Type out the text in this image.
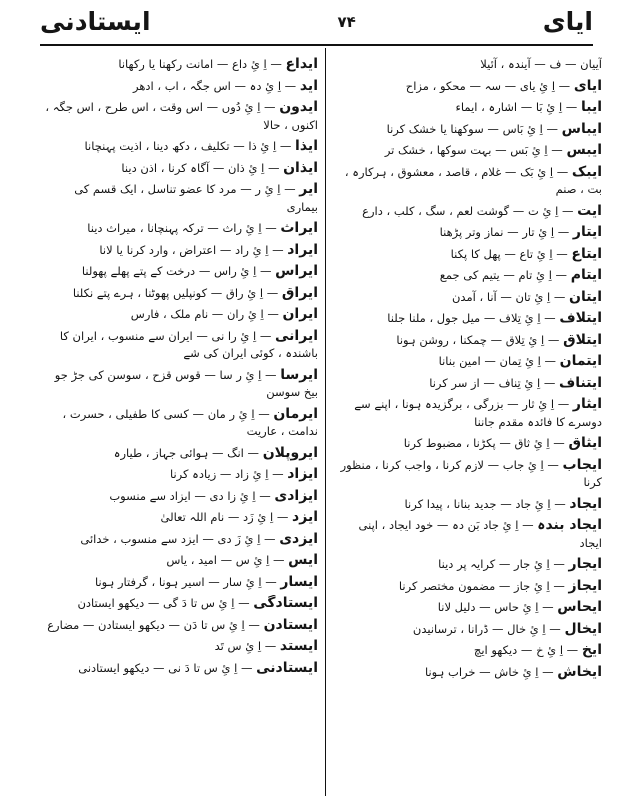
ایای
۷۴
ایستادنی
آییان — ف — آیندہ ، آئیلا
ایای — اِ ئِ یای — سہ — محکو ، مزاح
ایبا — اِ ئِ بَا — اشارہ ، ایماء
ایباس — اِ ئِ بَاس — سوکھنا یا خشک کرنا
ایبس — اِ ئِ بَس — بہت سوکھا ، خشک تر
ایبک — اِ ئِ بَک — غلام ، قاصد ، معشوق ، ہرکارہ ، بت ، صنم
ایت — اِ ئِ ت — گوشت لعم ، سگ ، کلب ، دارع
ایتار — اِ ئِ تار — نماز وتر پڑھنا
ایتاع — اِ ئِ تاع — پھل کا پکنا
ایتام — اِ ئِ تام — یتیم کی جمع
ایتان — اِ ئِ تان — آنا ، آمدن
ایتلاف — اِ ئِ تِلاف — میل جول ، ملنا جلنا
ایتلاق — اِ ئِ تِلاق — چمکنا ، روشن ہونا
ایتمان — اِ ئِ تِمان — امین بنانا
ایتناف — اِ ئِ تِناف — از سر کرنا
ایثار — اِ ئِ ثار — بزرگی ، برگزیدہ ہونا ، اپنے سے دوسرے کا فائدہ مقدم جاننا
ایثاق — اِ ئِ ثاق — پکڑنا ، مضبوط کرنا
ایجاب — اِ ئِ جاب — لازم کرنا ، واجب کرنا ، منظور کرنا
ایجاد — اِ ئِ جاد — جدید بنانا ، پیدا کرنا
ایجاد بندہ — اِ ئِ جاد بَن دہ — خود ایجاد ، اپنی ایجاد
ایجار — اِ ئِ جار — کرایہ پر دینا
ایجاز — اِ ئِ جاز — مضمون مختصر کرنا
ایحاس — اِ ئِ حاس — دلیل لانا
ایخال — اِ ئِ خال — ڈرانا ، ترسانیدن
ایخ — اِ ئِ خ — دیکھو ایچ
ایخاش — اِ ئِ خاش — خراب ہونا
ایداع — اِ ئِ داع — امانت رکھنا یا رکھانا
اید — اِ ئِ دہ — اس جگہ ، اب ، ادھر
ایدون — اِ ئِ دُوں — اس وقت ، اس طرح ، اس جگہ ، اکنوں ، حالا
ایذا — اِ ئِ ذا — تکلیف ، دکھ دینا ، اذیت پہنچانا
ایذان — اِ ئِ ذان — آگاہ کرنا ، اذن دینا
ایر — اِ ئِ ر — مرد کا عضو تناسل ، ایک قسم کی بیماری
ایراث — اِ ئِ راث — ترکہ پہنچانا ، میراث دینا
ایراد — اِ ئِ راد — اعتراض ، وارد کرنا یا لانا
ایراس — اِ ئِ راس — درخت کے پتے پھلے پھولنا
ایراق — اِ ئِ راق — کونپلیں پھوٹنا ، ہرے پتے نکلنا
ایران — اِ ئِ ران — نام ملک ، فارس
ایرانی — اِ ئِ را نی — ایران سے منسوب ، ایران کا باشندہ ، کوئی ایران کی شے
ایرسا — اِ ئِ ر سا — قوس قزح ، سوسن کی جڑ جو بیخ سوسن
ایرمان — اِ ئِ ر مان — کسی کا طفیلی ، حسرت ، ندامت ، عاریت
ایروپلان — انگ — ہوائی جہاز ، طیارہ
ایزاد — اِ ئِ زاد — زیادہ کرنا
ایزادی — اِ ئِ زا دی — ایزاد سے منسوب
ایزد — اِ ئِ زَد — نام اللہ تعالیٰ
ایزدی — اِ ئِ زَ دی — ایزد سے منسوب ، خدائی
ایس — اِ ئِ س — امید ، یاس
ایسار — اِ ئِ سار — اسیر ہونا ، گرفتار ہونا
ایستادگی — اِ ئِ س تا دَ گی — دیکھو ایستادن
ایستادن — اِ ئِ س تا دَن — دیکھو ایستادن — مضارع
ایستد — اِ ئِ س تَد
ایستادنی — اِ ئِ س تا دَ نی — دیکھو ایستادنی
